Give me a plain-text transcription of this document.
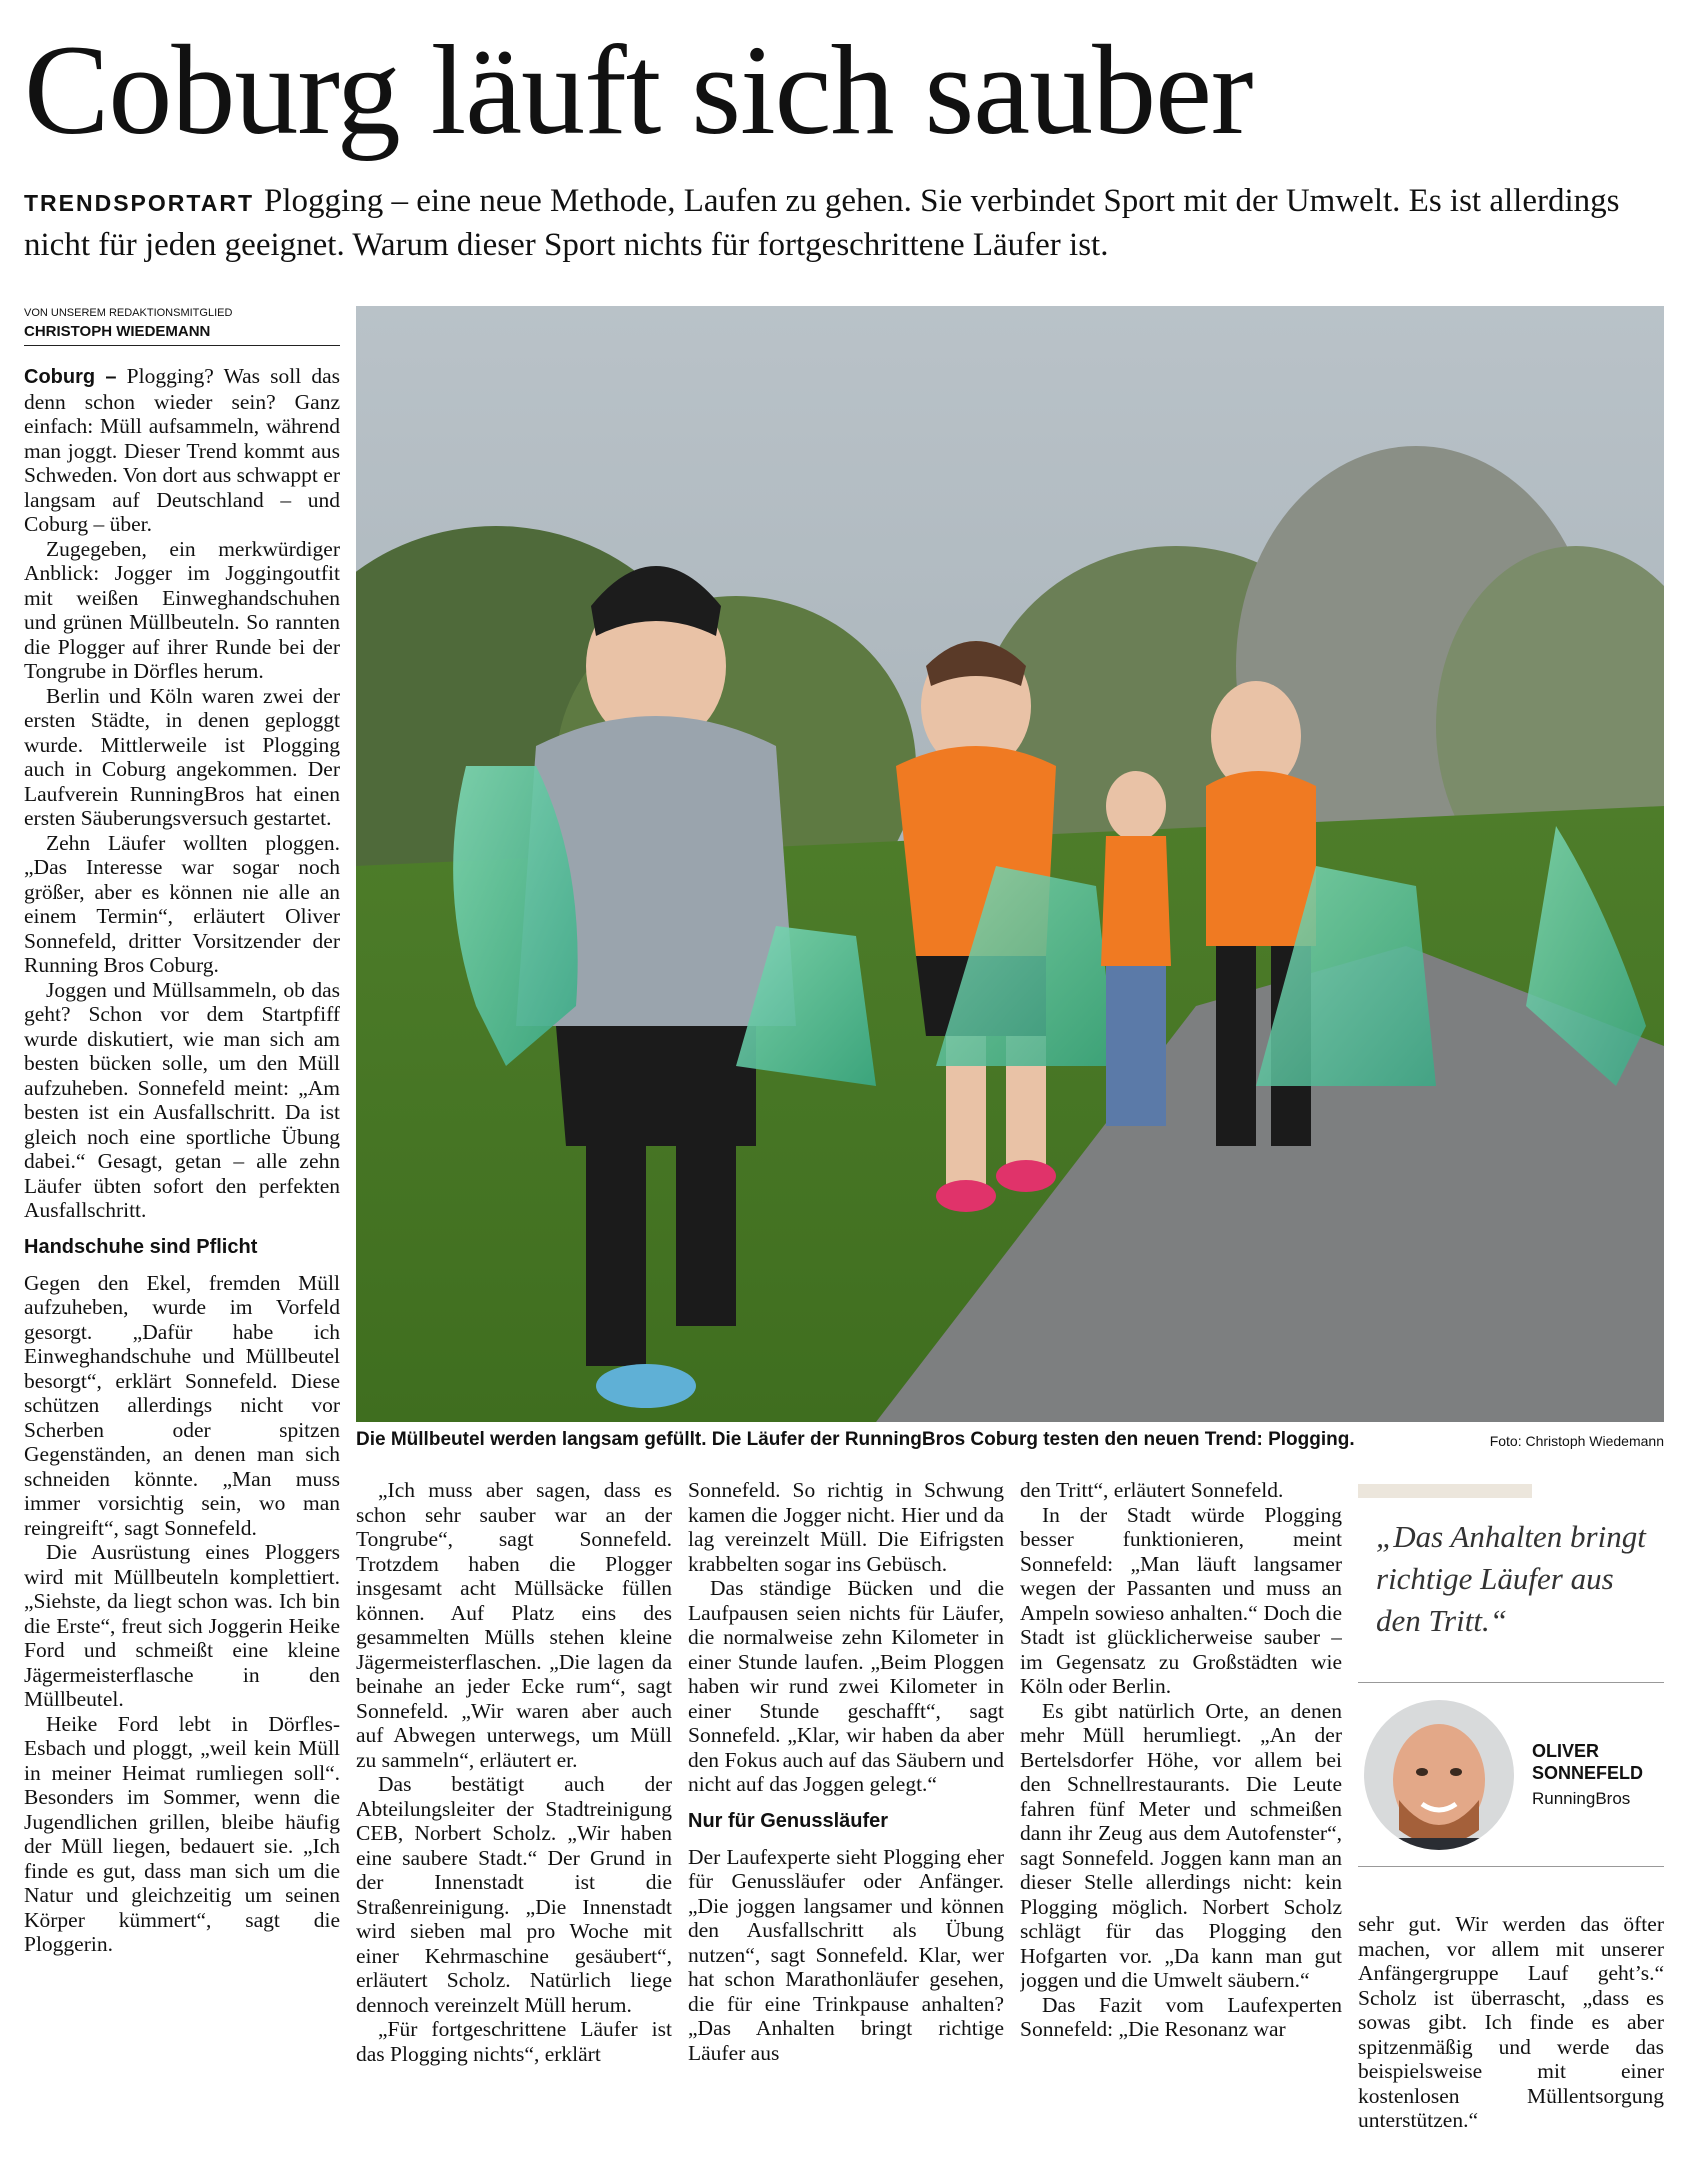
Coburg läuft sich sauber
TRENDSPORTART Plogging – eine neue Methode, Laufen zu gehen. Sie verbindet Sport mit der Umwelt. Es ist allerdings nicht für jeden geeignet. Warum dieser Sport nichts für fortgeschrittene Läufer ist.
VON UNSEREM REDAKTIONSMITGLIED
CHRISTOPH WIEDEMANN

Coburg – Plogging? Was soll das denn schon wieder sein? Ganz einfach: Müll aufsammeln, während man joggt. Dieser Trend kommt aus Schweden. Von dort aus schwappt er langsam auf Deutschland – und Coburg – über.

Zugegeben, ein merkwürdiger Anblick: Jogger im Joggingoutfit mit weißen Einweghandschuhen und grünen Müllbeuteln. So rannten die Plogger auf ihrer Runde bei der Tongrube in Dörfles herum.

Berlin und Köln waren zwei der ersten Städte, in denen geploggt wurde. Mittlerweile ist Plogging auch in Coburg angekommen. Der Laufverein RunningBros hat einen ersten Säuberungsversuch gestartet.

Zehn Läufer wollten ploggen. „Das Interesse war sogar noch größer, aber es können nie alle an einem Termin“, erläutert Oliver Sonnefeld, dritter Vorsitzender der Running Bros Coburg.

Joggen und Müllsammeln, ob das geht? Schon vor dem Startpfiff wurde diskutiert, wie man sich am besten bücken solle, um den Müll aufzuheben. Sonnefeld meint: „Am besten ist ein Ausfallschritt. Da ist gleich noch eine sportliche Übung dabei.“ Gesagt, getan – alle zehn Läufer übten sofort den perfekten Ausfallschritt.

Handschuhe sind Pflicht

Gegen den Ekel, fremden Müll aufzuheben, wurde im Vorfeld gesorgt. „Dafür habe ich Einweghandschuhe und Müllbeutel besorgt“, erklärt Sonnefeld. Diese schützen allerdings nicht vor Scherben oder spitzen Gegenständen, an denen man sich schneiden könnte. „Man muss immer vorsichtig sein, wo man reingreift“, sagt Sonnefeld.

Die Ausrüstung eines Ploggers wird mit Müllbeuteln komplettiert. „Siehste, da liegt schon was. Ich bin die Erste“, freut sich Joggerin Heike Ford und schmeißt eine kleine Jägermeisterflasche in den Müllbeutel.

Heike Ford lebt in Dörfles-Esbach und ploggt, „weil kein Müll in meiner Heimat rumliegen soll“. Besonders im Sommer, wenn die Jugendlichen grillen, bleibe häufig der Müll liegen, bedauert sie. „Ich finde es gut, dass man sich um die Natur und gleichzeitig um seinen Körper kümmert“, sagt die Ploggerin.

Die Müllbeutel werden langsam gefüllt. Die Läufer der RunningBros Coburg testen den neuen Trend: Plogging.	Foto: Christoph Wiedemann

„Ich muss aber sagen, dass es schon sehr sauber war an der Tongrube“, sagt Sonnefeld. Trotzdem haben die Plogger insgesamt acht Müllsäcke füllen können. Auf Platz eins des gesammelten Mülls stehen kleine Jägermeisterflaschen. „Die lagen da beinahe an jeder Ecke rum“, sagt Sonnefeld. „Wir waren aber auch auf Abwegen unterwegs, um Müll zu sammeln“, erläutert er.

Das bestätigt auch der Abteilungsleiter der Stadtreinigung CEB, Norbert Scholz. „Wir haben eine saubere Stadt.“ Der Grund in der Innenstadt ist die Straßenreinigung. „Die Innenstadt wird sieben mal pro Woche mit einer Kehrmaschine gesäubert“, erläutert Scholz. Natürlich liege dennoch vereinzelt Müll herum.

„Für fortgeschrittene Läufer ist das Plogging nichts“, erklärt

Sonnefeld. So richtig in Schwung kamen die Jogger nicht. Hier und da lag vereinzelt Müll. Die Eifrigsten krabbelten sogar ins Gebüsch.

Das ständige Bücken und die Laufpausen seien nichts für Läufer, die normalweise zehn Kilometer in einer Stunde laufen. „Beim Ploggen haben wir rund zwei Kilometer in einer Stunde geschafft“, sagt Sonnefeld. „Klar, wir haben da aber den Fokus auch auf das Säubern und nicht auf das Joggen gelegt.“

Nur für Genussläufer

Der Laufexperte sieht Plogging eher für Genussläufer oder Anfänger. „Die joggen langsamer und können den Ausfallschritt als Übung nutzen“, sagt Sonnefeld. Klar, wer hat schon Marathonläufer gesehen, die für eine Trinkpause anhalten? „Das Anhalten bringt richtige Läufer aus

den Tritt“, erläutert Sonnefeld.

In der Stadt würde Plogging besser funktionieren, meint Sonnefeld: „Man läuft langsamer wegen der Passanten und muss an Ampeln sowieso anhalten.“ Doch die Stadt ist glücklicherweise sauber – im Gegensatz zu Großstädten wie Köln oder Berlin.

Es gibt natürlich Orte, an denen mehr Müll herumliegt. „An der Bertelsdorfer Höhe, vor allem bei den Schnellrestaurants. Die Leute fahren fünf Meter und schmeißen dann ihr Zeug aus dem Autofenster“, sagt Sonnefeld. Joggen kann man an dieser Stelle allerdings nicht: kein Plogging möglich. Norbert Scholz schlägt für das Plogging den Hofgarten vor. „Da kann man gut joggen und die Umwelt säubern.“

Das Fazit vom Laufexperten Sonnefeld: „Die Resonanz war

„Das Anhalten bringt richtige Läufer aus den Tritt.“
OLIVER SONNEFELD
RunningBros

sehr gut. Wir werden das öfter machen, vor allem mit unserer Anfängergruppe Lauf geht’s.“ Scholz ist überrascht, „dass es sowas gibt. Ich finde es aber spitzenmäßig und werde das beispielsweise mit einer kostenlosen Müllentsorgung unterstützen.“
